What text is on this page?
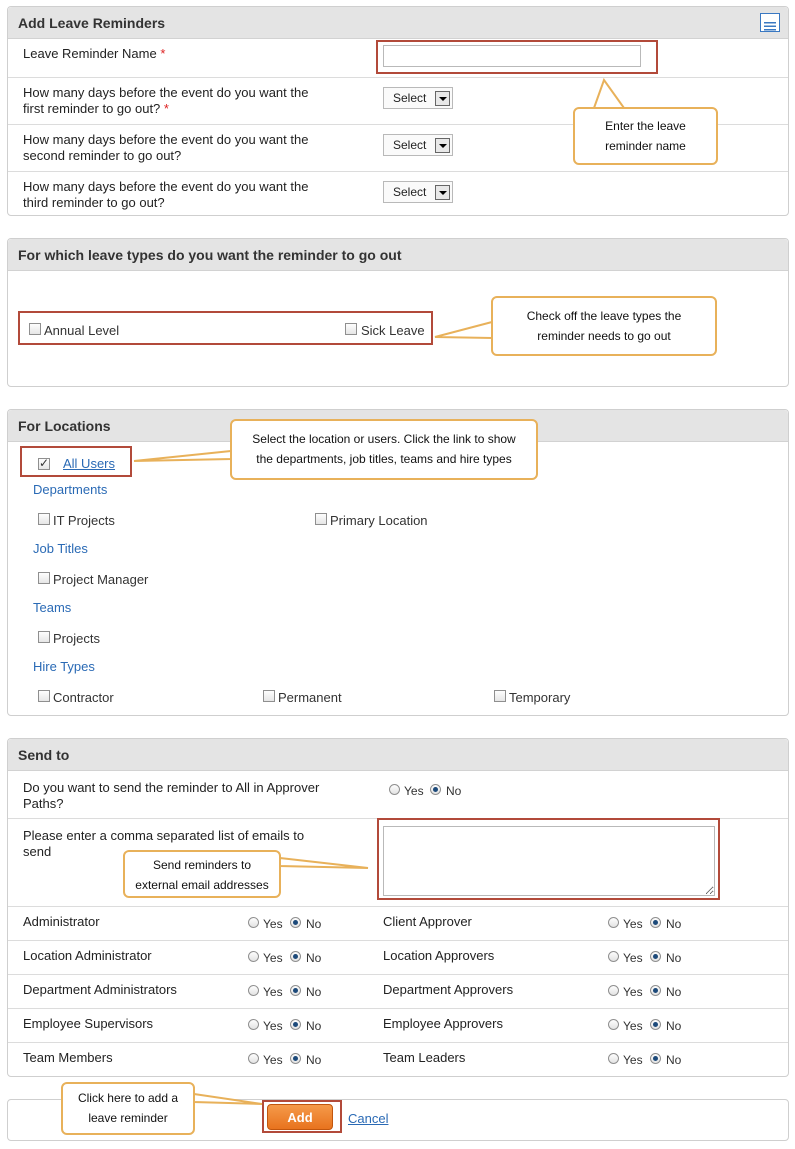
Add Leave Reminders
Leave Reminder Name *
How many days before the event do you want the
first reminder to go out? *
Select
How many days before the event do you want the
second reminder to go out?
Select
How many days before the event do you want the
third reminder to go out?
Select
For which leave types do you want the reminder to go out
Annual Level	Sick Leave
For Locations
✓
All Users
Departments
IT Projects	Primary Location
Job Titles
Project Manager
Teams
Projects
Hire Types
Contractor	Permanent	Temporary
Send to
Do you want to send the reminder to All in Approver
Paths?
Yes No
Please enter a comma separated list of emails to
send
Administrator	Yes No	Client Approver	Yes No
Location Administrator	Yes No	Location Approvers	Yes No
Department Administrators	Yes No	Department Approvers	Yes No
Employee Supervisors	Yes No	Employee Approvers	Yes No
Team Members	Yes No	Team Leaders	Yes No
Add	Cancel
Enter the leave
reminder name
Check off the leave types the
reminder needs to go out
Select the location or users. Click the link to show
the departments, job titles, teams and hire types
Send reminders to
external email addresses
Click here to add a
leave reminder
